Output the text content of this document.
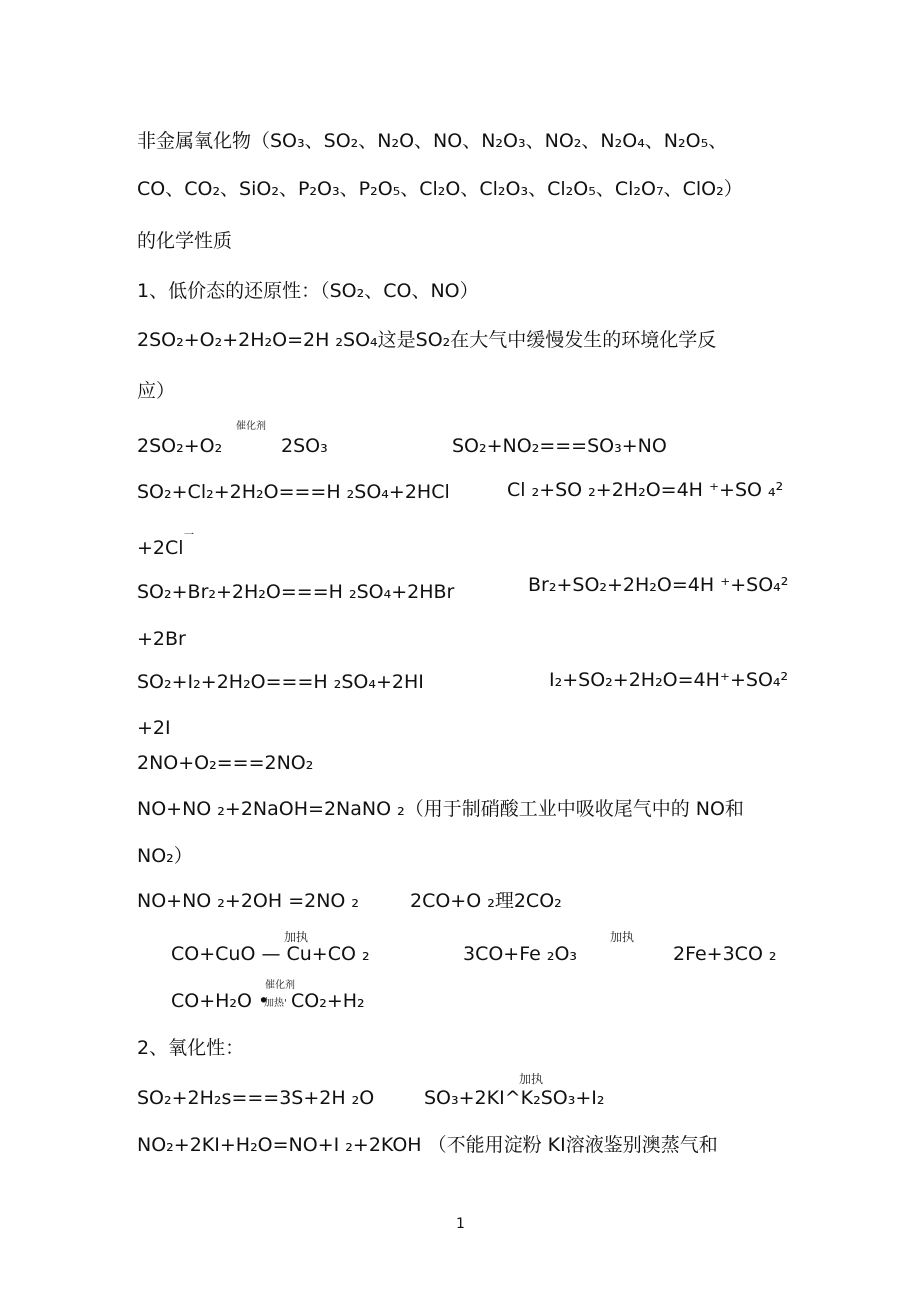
非金属氧化物（SO₃、SO₂、N₂O、NO、N₂O₃、NO₂、N₂O₄、N₂O₅、
CO、CO₂、SiO₂、P₂O₃、P₂O₅、Cl₂O、Cl₂O₃、Cl₂O₅、Cl₂O₇、ClO₂）
的化学性质
1、低价态的还原性：（SO₂、CO、NO）
2SO₂+O₂+2H₂O=2H ₂SO₄这是SO₂在大气中缓慢发生的环境化学反
应）
催化剂
2SO₂+O₂	2SO₃	SO₂+NO₂===SO₃+NO
SO₂+Cl₂+2H₂O===H ₂SO₄+2HCl	Cl ₂+SO ₂+2H₂O=4H ⁺+SO ₄²
+2Cl
一
SO₂+Br₂+2H₂O===H ₂SO₄+2HBr	Br₂+SO₂+2H₂O=4H ⁺+SO₄²
+2Br
SO₂+I₂+2H₂O===H ₂SO₄+2HI	I₂+SO₂+2H₂O=4H⁺+SO₄²
+2I
2NO+O₂===2NO₂
NO+NO ₂+2NaOH=2NaNO ₂（用于制硝酸工业中吸收尾气中的 NO和
NO₂）
NO+NO ₂+2OH =2NO ₂	2CO+O ₂理2CO₂
加执
CO+CuO — Cu+CO ₂	3CO+Fe ₂O₃
加执
2Fe+3CO ₂
催化剂
CO+H₂O •
加热' CO₂+H₂
2、氧化性：
SO₂+2H₂s===3S+2H ₂O
加执
SO₃+2KI^K₂SO₃+I₂
NO₂+2KI+H₂O=NO+I ₂+2KOH （不能用淀粉 KI溶液鉴别澳蒸气和
1
